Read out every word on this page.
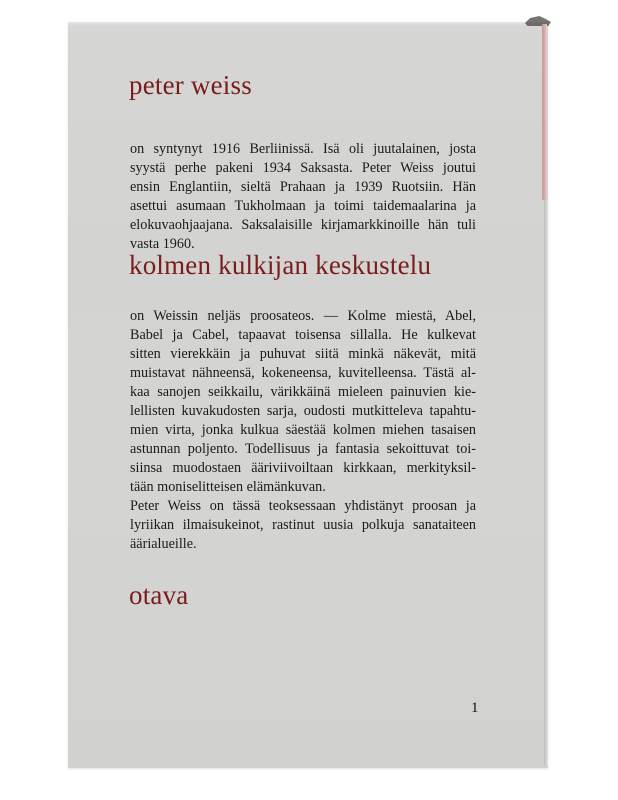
peter weiss

on syntynyt 1916 Berliinissä. Isä oli juutalainen, josta
syystä perhe pakeni 1934 Saksasta. Peter Weiss joutui
ensin Englantiin, sieltä Prahaan ja 1939 Ruotsiin. Hän
asettui asumaan Tukholmaan ja toimi taidemaalarina ja
elokuvaohjaajana. Saksalaisille kirjamarkkinoille hän tuli
vasta 1960.

kolmen kulkijan keskustelu

on Weissin neljäs proosateos. — Kolme miestä, Abel,
Babel ja Cabel, tapaavat toisensa sillalla. He kulkevat
sitten vierekkäin ja puhuvat siitä minkä näkevät, mitä
muistavat nähneensä, kokeneensa, kuvitelleensa. Tästä al-
kaa sanojen seikkailu, värikkäinä mieleen painuvien kie-
lellisten kuvakudosten sarja, oudosti mutkitteleva tapahtu-
mien virta, jonka kulkua säestää kolmen miehen tasaisen
astunnan poljento. Todellisuus ja fantasia sekoittuvat toi-
siinsa muodostaen ääriviivoiltaan kirkkaan, merkityksil-
tään moniselitteisen elämänkuvan.

Peter Weiss on tässä teoksessaan yhdistänyt proosan ja
lyriikan ilmaisukeinot, rastinut uusia polkuja sanataiteen
äärialueille.

otava
1
